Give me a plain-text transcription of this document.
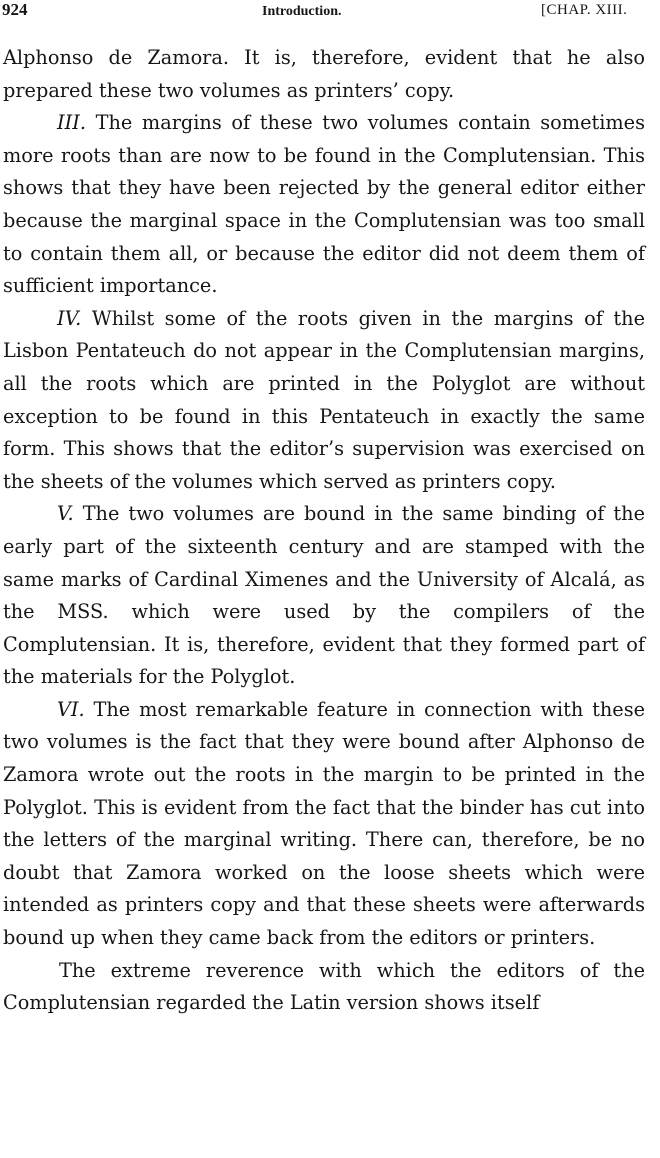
924	Introduction.	[CHAP. XIII.

Alphonso de Zamora. It is, therefore, evident that he also prepared these two volumes as printers’ copy.

III. The margins of these two volumes contain sometimes more roots than are now to be found in the Complutensian. This shows that they have been rejected by the general editor either because the marginal space in the Complutensian was too small to contain them all, or because the editor did not deem them of sufficient importance.

IV. Whilst some of the roots given in the margins of the Lisbon Pentateuch do not appear in the Complutensian margins, all the roots which are printed in the Polyglot are without exception to be found in this Pentateuch in exactly the same form. This shows that the editor’s supervision was exercised on the sheets of the volumes which served as printers copy.

V. The two volumes are bound in the same binding of the early part of the sixteenth century and are stamped with the same marks of Cardinal Ximenes and the University of Alcalá, as the MSS. which were used by the compilers of the Complutensian. It is, therefore, evident that they formed part of the materials for the Polyglot.

VI. The most remarkable feature in connection with these two volumes is the fact that they were bound after Alphonso de Zamora wrote out the roots in the margin to be printed in the Polyglot. This is evident from the fact that the binder has cut into the letters of the marginal writing. There can, therefore, be no doubt that Zamora worked on the loose sheets which were intended as printers copy and that these sheets were afterwards bound up when they came back from the editors or printers.

The extreme reverence with which the editors of the Complutensian regarded the Latin version shows itself
